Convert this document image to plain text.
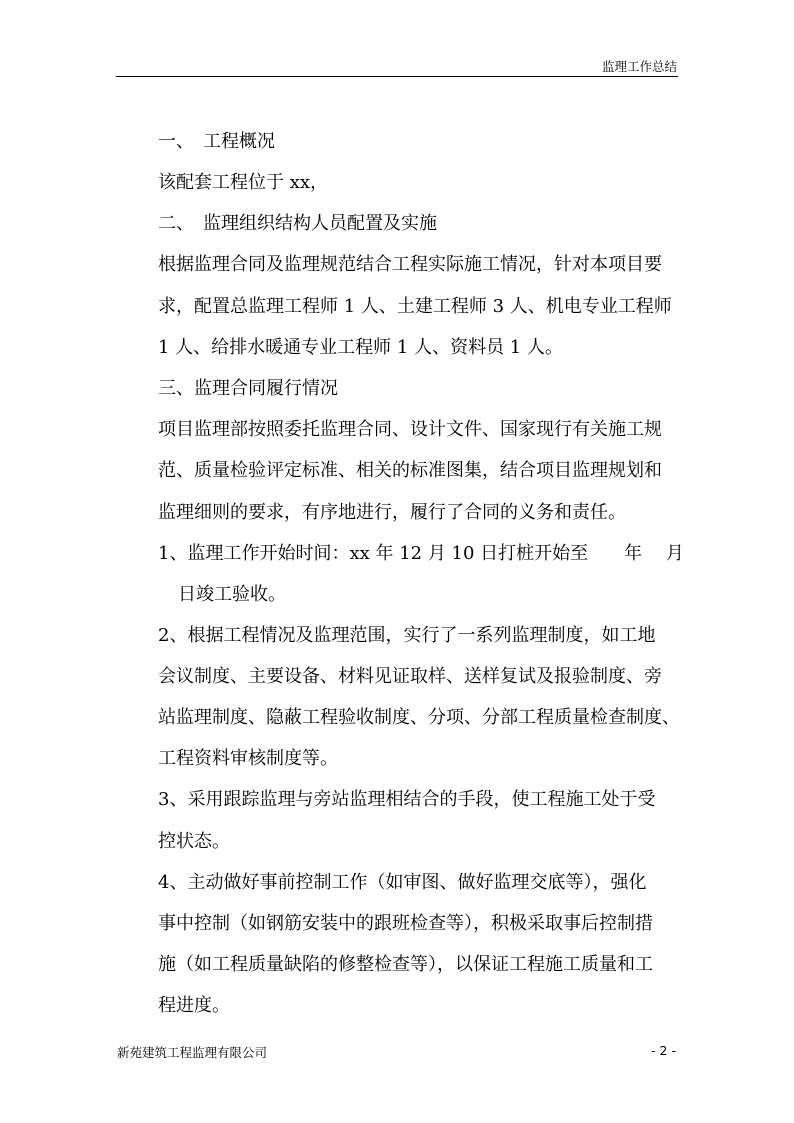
监理工作总结

一、　工程概况

该配套工程位于 xx，

二、　监理组织结构人员配置及实施

根据监理合同及监理规范结合工程实际施工情况，针对本项目要

求，配置总监理工程师 1 人、土建工程师 3 人、机电专业工程师

1 人、给排水暖通专业工程师 1 人、资料员 1 人。

三、监理合同履行情况

项目监理部按照委托监理合同、设计文件、国家现行有关施工规

范、质量检验评定标准、相关的标准图集，结合项目监理规划和

监理细则的要求，有序地进行，履行了合同的义务和责任。

1、监理工作开始时间：xx 年 12 月 10 日打桩开始至　　年　 月

日竣工验收。

2、根据工程情况及监理范围，实行了一系列监理制度，如工地

会议制度、主要设备、材料见证取样、送样复试及报验制度、旁

站监理制度、隐蔽工程验收制度、分项、分部工程质量检查制度、

工程资料审核制度等。

3、采用跟踪监理与旁站监理相结合的手段，使工程施工处于受

控状态。

4、主动做好事前控制工作（如审图、做好监理交底等），强化

事中控制（如钢筋安装中的跟班检查等），积极采取事后控制措

施（如工程质量缺陷的修整检查等），以保证工程施工质量和工

程进度。

新苑建筑工程监理有限公司	- 2 -
